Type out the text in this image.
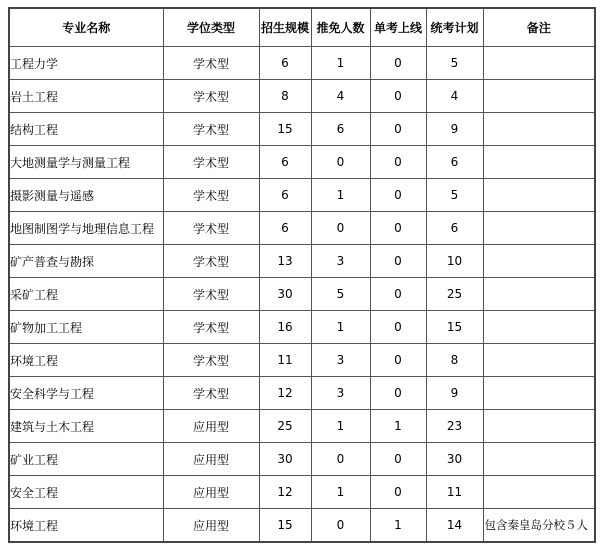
专业名称	学位类型	招生规模	推免人数	单考上线	统考计划	备注
工程力学	学术型	6	1	0	5	
岩土工程	学术型	8	4	0	4	
结构工程	学术型	15	6	0	9	
大地测量学与测量工程	学术型	6	0	0	6	
摄影测量与遥感	学术型	6	1	0	5	
地图制图学与地理信息工程	学术型	6	0	0	6	
矿产普查与勘探	学术型	13	3	0	10	
采矿工程	学术型	30	5	0	25	
矿物加工工程	学术型	16	1	0	15	
环境工程	学术型	11	3	0	8	
安全科学与工程	学术型	12	3	0	9	
建筑与土木工程	应用型	25	1	1	23	
矿业工程	应用型	30	0	0	30	
安全工程	应用型	12	1	0	11	
环境工程	应用型	15	0	1	14	包含秦皇岛分校５人
